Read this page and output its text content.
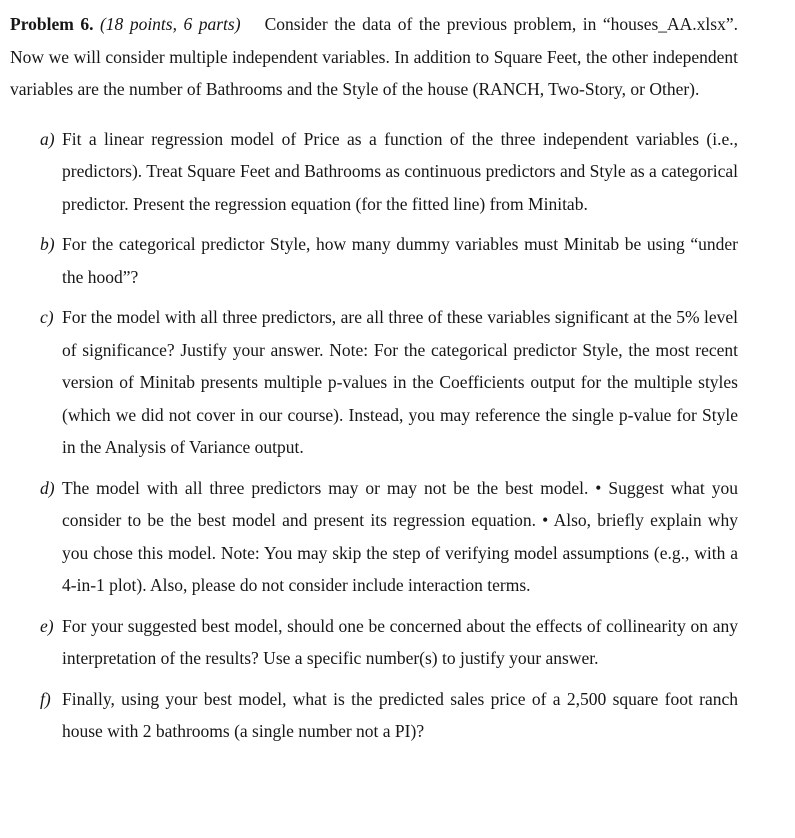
Problem 6. (18 points, 6 parts) Consider the data of the previous problem, in “houses_AA.xlsx”. Now we will consider multiple independent variables. In addition to Square Feet, the other independent variables are the number of Bathrooms and the Style of the house (RANCH, Two-Story, or Other).

a) Fit a linear regression model of Price as a function of the three independent variables (i.e., predictors). Treat Square Feet and Bathrooms as continuous predictors and Style as a categorical predictor. Present the regression equation (for the fitted line) from Minitab.
b) For the categorical predictor Style, how many dummy variables must Minitab be using “under the hood”?
c) For the model with all three predictors, are all three of these variables significant at the 5% level of significance? Justify your answer. Note: For the categorical predictor Style, the most recent version of Minitab presents multiple p-values in the Coefficients output for the multiple styles (which we did not cover in our course). Instead, you may reference the single p-value for Style in the Analysis of Variance output.
d) The model with all three predictors may or may not be the best model. • Suggest what you consider to be the best model and present its regression equation. • Also, briefly explain why you chose this model. Note: You may skip the step of verifying model assumptions (e.g., with a 4-in-1 plot). Also, please do not consider include interaction terms.
e) For your suggested best model, should one be concerned about the effects of collinearity on any interpretation of the results? Use a specific number(s) to justify your answer.
f) Finally, using your best model, what is the predicted sales price of a 2,500 square foot ranch house with 2 bathrooms (a single number not a PI)?
